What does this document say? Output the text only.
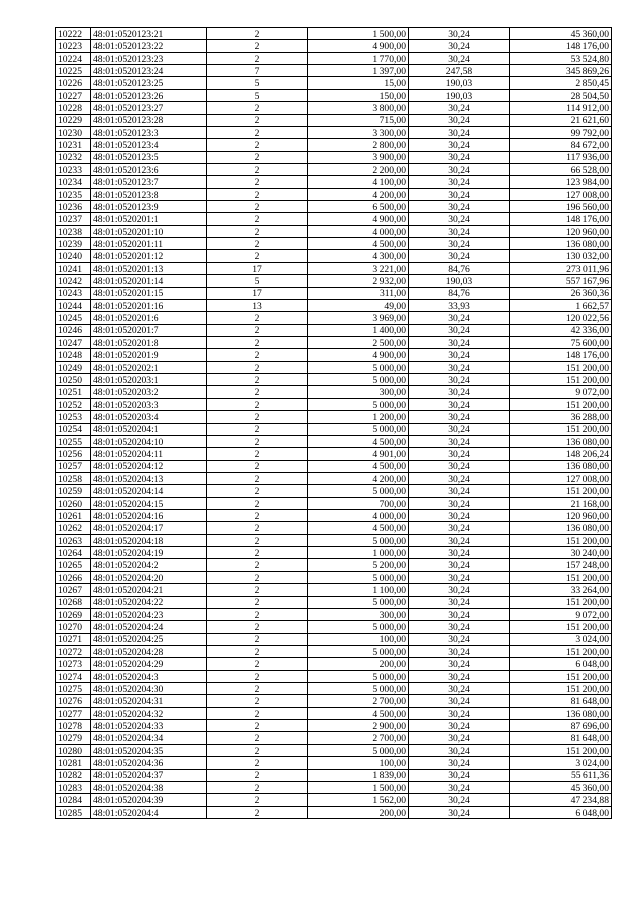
10222	48:01:0520123:21	2	1 500,00	30,24	45 360,00
10223	48:01:0520123:22	2	4 900,00	30,24	148 176,00
10224	48:01:0520123:23	2	1 770,00	30,24	53 524,80
10225	48:01:0520123:24	7	1 397,00	247,58	345 869,26
10226	48:01:0520123:25	5	15,00	190,03	2 850,45
10227	48:01:0520123:26	5	150,00	190,03	28 504,50
10228	48:01:0520123:27	2	3 800,00	30,24	114 912,00
10229	48:01:0520123:28	2	715,00	30,24	21 621,60
10230	48:01:0520123:3	2	3 300,00	30,24	99 792,00
10231	48:01:0520123:4	2	2 800,00	30,24	84 672,00
10232	48:01:0520123:5	2	3 900,00	30,24	117 936,00
10233	48:01:0520123:6	2	2 200,00	30,24	66 528,00
10234	48:01:0520123:7	2	4 100,00	30,24	123 984,00
10235	48:01:0520123:8	2	4 200,00	30,24	127 008,00
10236	48:01:0520123:9	2	6 500,00	30,24	196 560,00
10237	48:01:0520201:1	2	4 900,00	30,24	148 176,00
10238	48:01:0520201:10	2	4 000,00	30,24	120 960,00
10239	48:01:0520201:11	2	4 500,00	30,24	136 080,00
10240	48:01:0520201:12	2	4 300,00	30,24	130 032,00
10241	48:01:0520201:13	17	3 221,00	84,76	273 011,96
10242	48:01:0520201:14	5	2 932,00	190,03	557 167,96
10243	48:01:0520201:15	17	311,00	84,76	26 360,36
10244	48:01:0520201:16	13	49,00	33,93	1 662,57
10245	48:01:0520201:6	2	3 969,00	30,24	120 022,56
10246	48:01:0520201:7	2	1 400,00	30,24	42 336,00
10247	48:01:0520201:8	2	2 500,00	30,24	75 600,00
10248	48:01:0520201:9	2	4 900,00	30,24	148 176,00
10249	48:01:0520202:1	2	5 000,00	30,24	151 200,00
10250	48:01:0520203:1	2	5 000,00	30,24	151 200,00
10251	48:01:0520203:2	2	300,00	30,24	9 072,00
10252	48:01:0520203:3	2	5 000,00	30,24	151 200,00
10253	48:01:0520203:4	2	1 200,00	30,24	36 288,00
10254	48:01:0520204:1	2	5 000,00	30,24	151 200,00
10255	48:01:0520204:10	2	4 500,00	30,24	136 080,00
10256	48:01:0520204:11	2	4 901,00	30,24	148 206,24
10257	48:01:0520204:12	2	4 500,00	30,24	136 080,00
10258	48:01:0520204:13	2	4 200,00	30,24	127 008,00
10259	48:01:0520204:14	2	5 000,00	30,24	151 200,00
10260	48:01:0520204:15	2	700,00	30,24	21 168,00
10261	48:01:0520204:16	2	4 000,00	30,24	120 960,00
10262	48:01:0520204:17	2	4 500,00	30,24	136 080,00
10263	48:01:0520204:18	2	5 000,00	30,24	151 200,00
10264	48:01:0520204:19	2	1 000,00	30,24	30 240,00
10265	48:01:0520204:2	2	5 200,00	30,24	157 248,00
10266	48:01:0520204:20	2	5 000,00	30,24	151 200,00
10267	48:01:0520204:21	2	1 100,00	30,24	33 264,00
10268	48:01:0520204:22	2	5 000,00	30,24	151 200,00
10269	48:01:0520204:23	2	300,00	30,24	9 072,00
10270	48:01:0520204:24	2	5 000,00	30,24	151 200,00
10271	48:01:0520204:25	2	100,00	30,24	3 024,00
10272	48:01:0520204:28	2	5 000,00	30,24	151 200,00
10273	48:01:0520204:29	2	200,00	30,24	6 048,00
10274	48:01:0520204:3	2	5 000,00	30,24	151 200,00
10275	48:01:0520204:30	2	5 000,00	30,24	151 200,00
10276	48:01:0520204:31	2	2 700,00	30,24	81 648,00
10277	48:01:0520204:32	2	4 500,00	30,24	136 080,00
10278	48:01:0520204:33	2	2 900,00	30,24	87 696,00
10279	48:01:0520204:34	2	2 700,00	30,24	81 648,00
10280	48:01:0520204:35	2	5 000,00	30,24	151 200,00
10281	48:01:0520204:36	2	100,00	30,24	3 024,00
10282	48:01:0520204:37	2	1 839,00	30,24	55 611,36
10283	48:01:0520204:38	2	1 500,00	30,24	45 360,00
10284	48:01:0520204:39	2	1 562,00	30,24	47 234,88
10285	48:01:0520204:4	2	200,00	30,24	6 048,00
